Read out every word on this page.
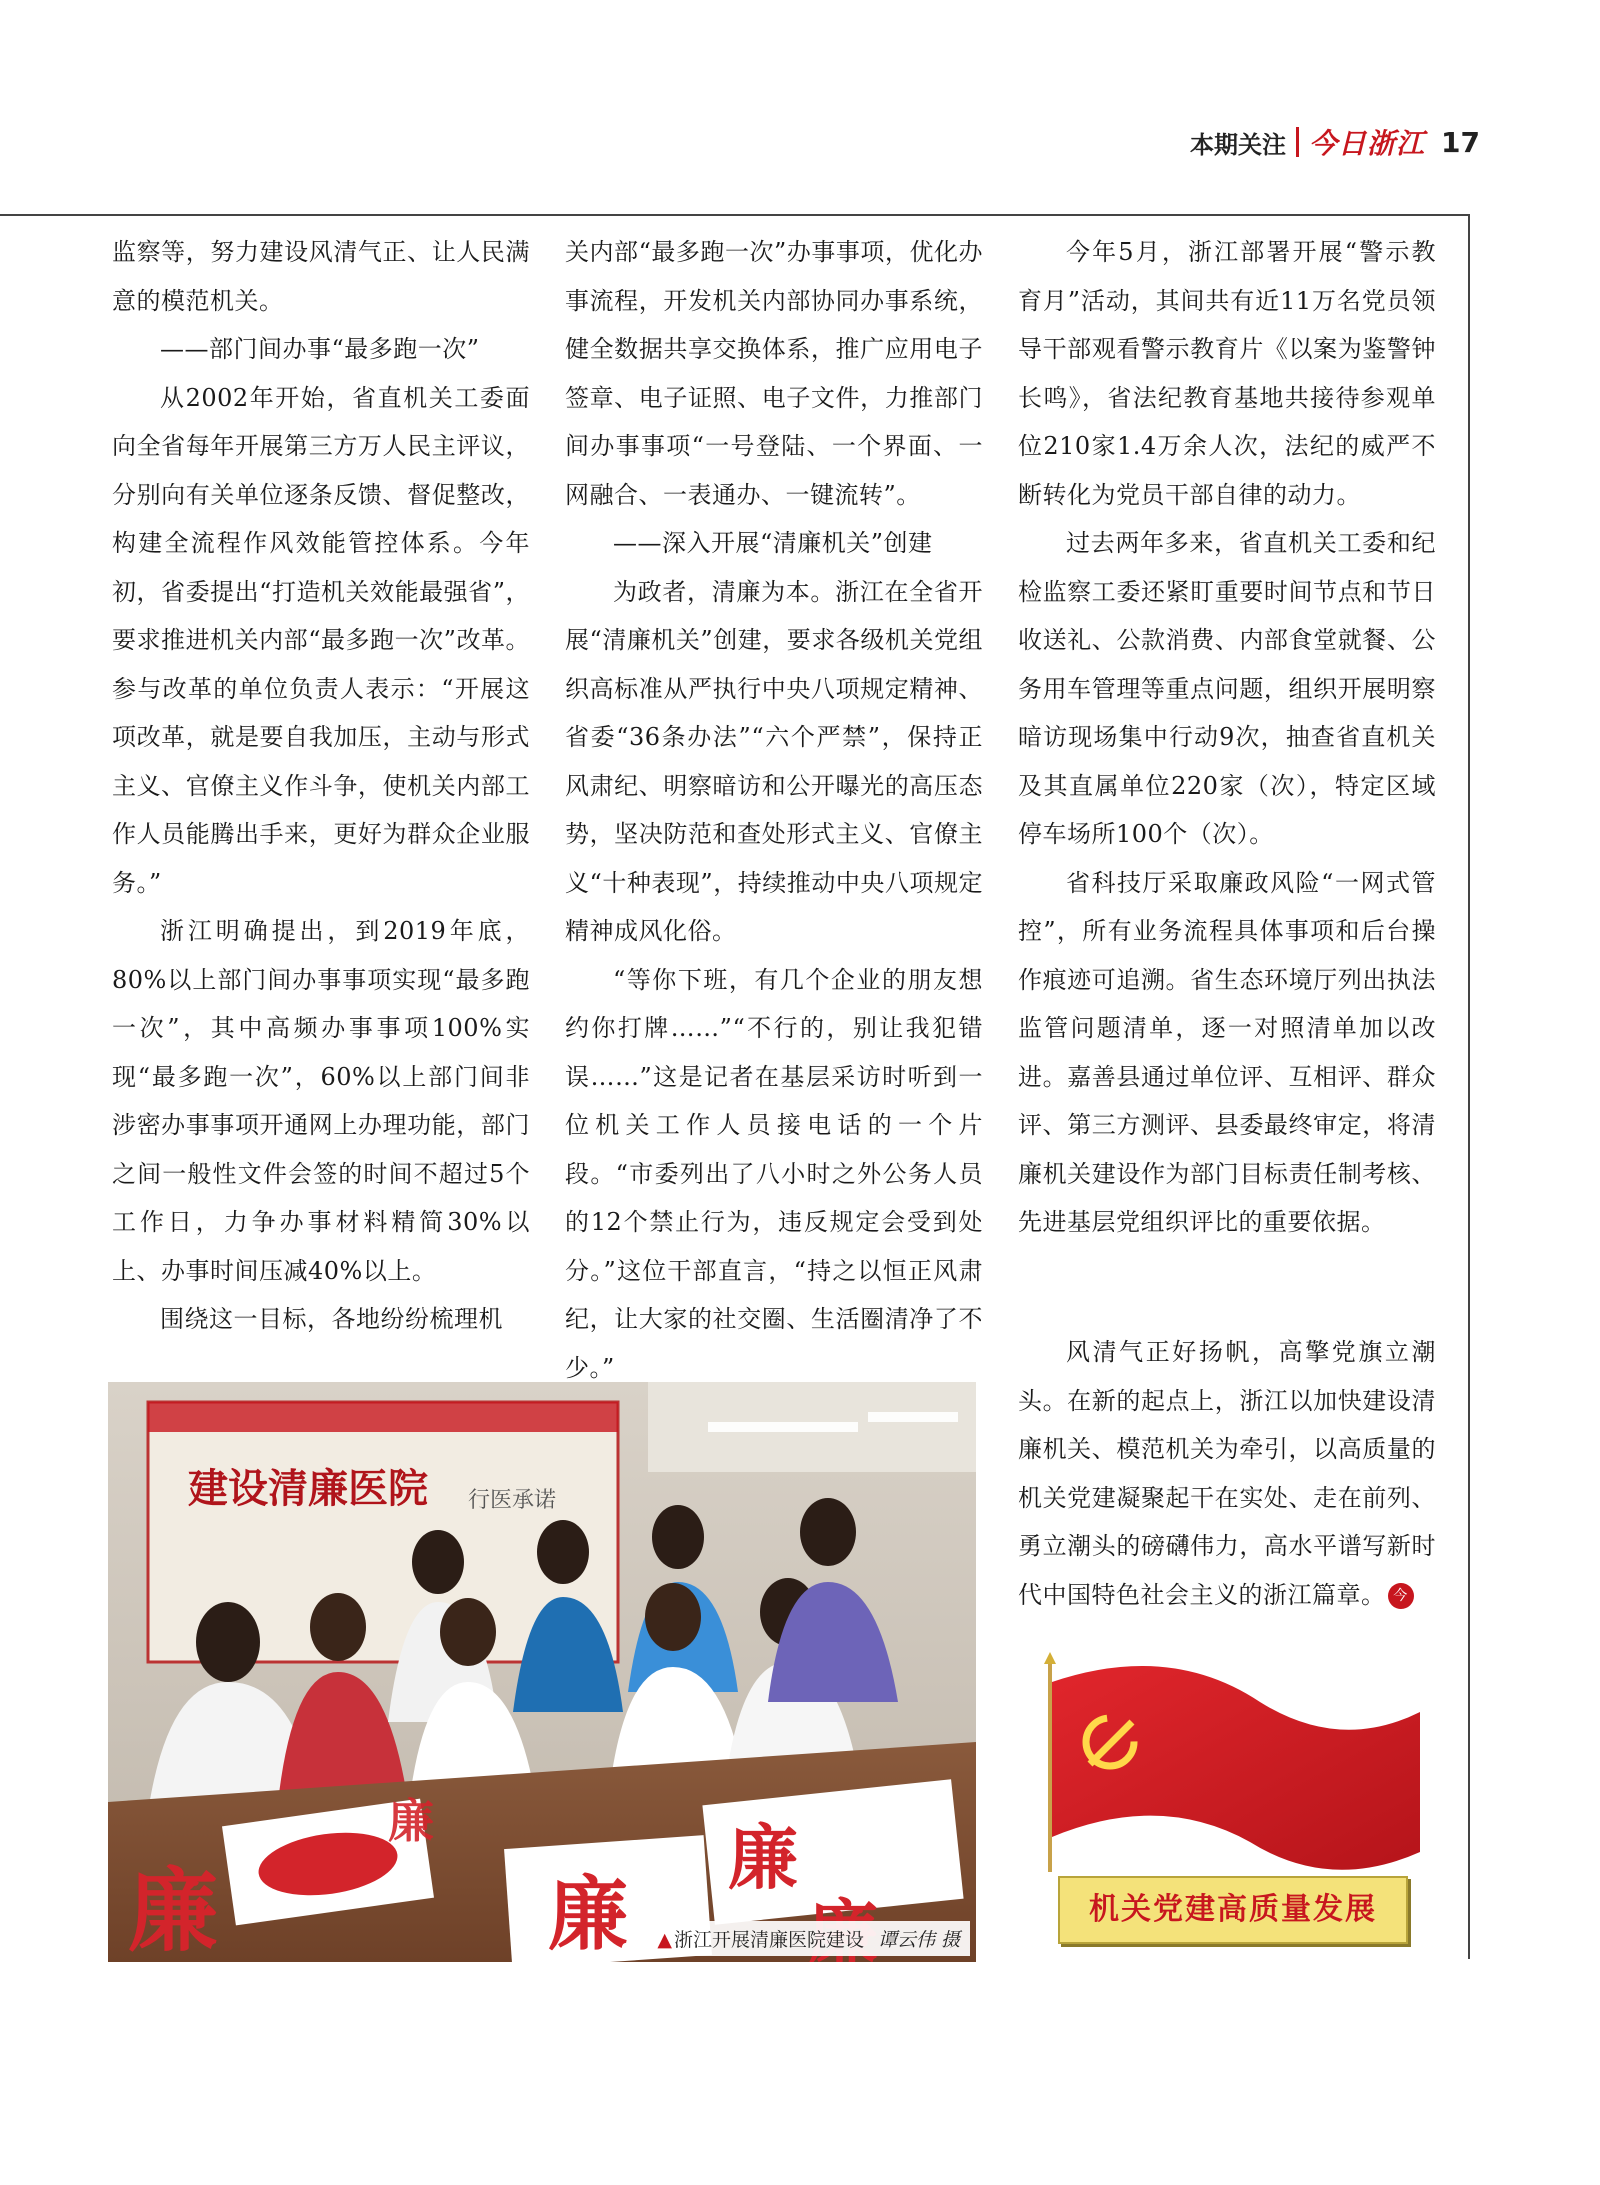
本期关注 今日浙江 17

监察等，努力建设风清气正、让人民满意的模范机关。

——部门间办事“最多跑一次”

从2002年开始，省直机关工委面向全省每年开展第三方万人民主评议，分别向有关单位逐条反馈、督促整改，构建全流程作风效能管控体系。今年初，省委提出“打造机关效能最强省”，要求推进机关内部“最多跑一次”改革。参与改革的单位负责人表示：“开展这项改革，就是要自我加压，主动与形式主义、官僚主义作斗争，使机关内部工作人员能腾出手来，更好为群众企业服务。”

浙江明确提出，到2019年底，80%以上部门间办事事项实现“最多跑一次”，其中高频办事事项100%实现“最多跑一次”，60%以上部门间非涉密办事事项开通网上办理功能，部门之间一般性文件会签的时间不超过5个工作日，力争办事材料精简30%以上、办事时间压减40%以上。

围绕这一目标，各地纷纷梳理机

关内部“最多跑一次”办事事项，优化办事流程，开发机关内部协同办事系统，健全数据共享交换体系，推广应用电子签章、电子证照、电子文件，力推部门间办事事项“一号登陆、一个界面、一网融合、一表通办、一键流转”。

——深入开展“清廉机关”创建

为政者，清廉为本。浙江在全省开展“清廉机关”创建，要求各级机关党组织高标准从严执行中央八项规定精神、省委“36条办法”“六个严禁”，保持正风肃纪、明察暗访和公开曝光的高压态势，坚决防范和查处形式主义、官僚主义“十种表现”，持续推动中央八项规定精神成风化俗。

“等你下班，有几个企业的朋友想约你打牌……”“不行的，别让我犯错误……”这是记者在基层采访时听到一位机关工作人员接电话的一个片段。“市委列出了八小时之外公务人员的12个禁止行为，违反规定会受到处分。”这位干部直言，“持之以恒正风肃纪，让大家的社交圈、生活圈清净了不少。”

今年5月，浙江部署开展“警示教育月”活动，其间共有近11万名党员领导干部观看警示教育片《以案为鉴警钟长鸣》，省法纪教育基地共接待参观单位210家1.4万余人次，法纪的威严不断转化为党员干部自律的动力。

过去两年多来，省直机关工委和纪检监察工委还紧盯重要时间节点和节日收送礼、公款消费、内部食堂就餐、公务用车管理等重点问题，组织开展明察暗访现场集中行动9次，抽查省直机关及其直属单位220家（次），特定区域停车场所100个（次）。

省科技厅采取廉政风险“一网式管控”，所有业务流程具体事项和后台操作痕迹可追溯。省生态环境厅列出执法监管问题清单，逐一对照清单加以改进。嘉善县通过单位评、互相评、群众评、第三方测评、县委最终审定，将清廉机关建设作为部门目标责任制考核、先进基层党组织评比的重要依据。

风清气正好扬帆，高擎党旗立潮头。在新的起点上，浙江以加快建设清廉机关、模范机关为牵引，以高质量的机关党建凝聚起干在实处、走在前列、勇立潮头的磅礴伟力，高水平谱写新时代中国特色社会主义的浙江篇章。 今

建设清廉医院 行医承诺
廉	廉
廉
廉
▲ 浙江开展清廉医院建设 谭云伟 摄
机关党建高质量发展
